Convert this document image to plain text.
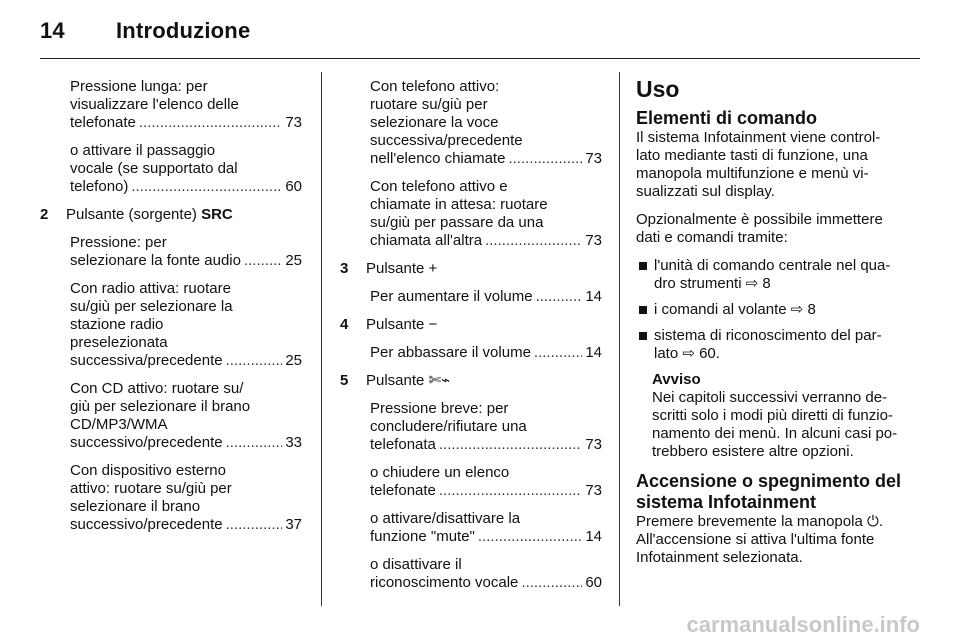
14 Introduzione
Pressione lunga: per
visualizzare l'elenco delle
telefonate .....	73
o attivare il passaggio
vocale (se supportato dal
telefono) .....	60
2 Pulsante (sorgente) SRC
Pressione: per
selezionare la fonte audio .....	25
Con radio attiva: ruotare
su/giù per selezionare la
stazione radio
preselezionata
successiva/precedente .....	25
Con CD attivo: ruotare su/
giù per selezionare il brano
CD/MP3/WMA
successivo/precedente .....	33
Con dispositivo esterno
attivo: ruotare su/giù per
selezionare il brano
successivo/precedente .....	37
Con telefono attivo:
ruotare su/giù per
selezionare la voce
successiva/precedente
nell'elenco chiamate .....	73
Con telefono attivo e
chiamate in attesa: ruotare
su/giù per passare da una
chiamata all'altra .....	73
3 Pulsante +
Per aumentare il volume .....	14
4 Pulsante −
Per abbassare il volume .....	14
5 Pulsante ✄⌁
Pressione breve: per
concludere/rifiutare una
telefonata .....	73
o chiudere un elenco
telefonate .....	73
o attivare/disattivare la
funzione "mute" .....	14
o disattivare il
riconoscimento vocale .....	60
Uso
Elementi di comando
Il sistema Infotainment viene control-
lato mediante tasti di funzione, una
manopola multifunzione e menù vi-
sualizzati sul display.
Opzionalmente è possibile immettere
dati e comandi tramite:
l'unità di comando centrale nel qua-
dro strumenti ⇨ 8
i comandi al volante ⇨ 8
sistema di riconoscimento del par-
lato ⇨ 60.
Avviso
Nei capitoli successivi verranno de-
scritti solo i modi più diretti di funzio-
namento dei menù. In alcuni casi po-
trebbero esistere altre opzioni.
Accensione o spegnimento del
sistema Infotainment
Premere brevemente la manopola ⏻.
All'accensione si attiva l'ultima fonte
Infotainment selezionata.
carmanualsonline.info
